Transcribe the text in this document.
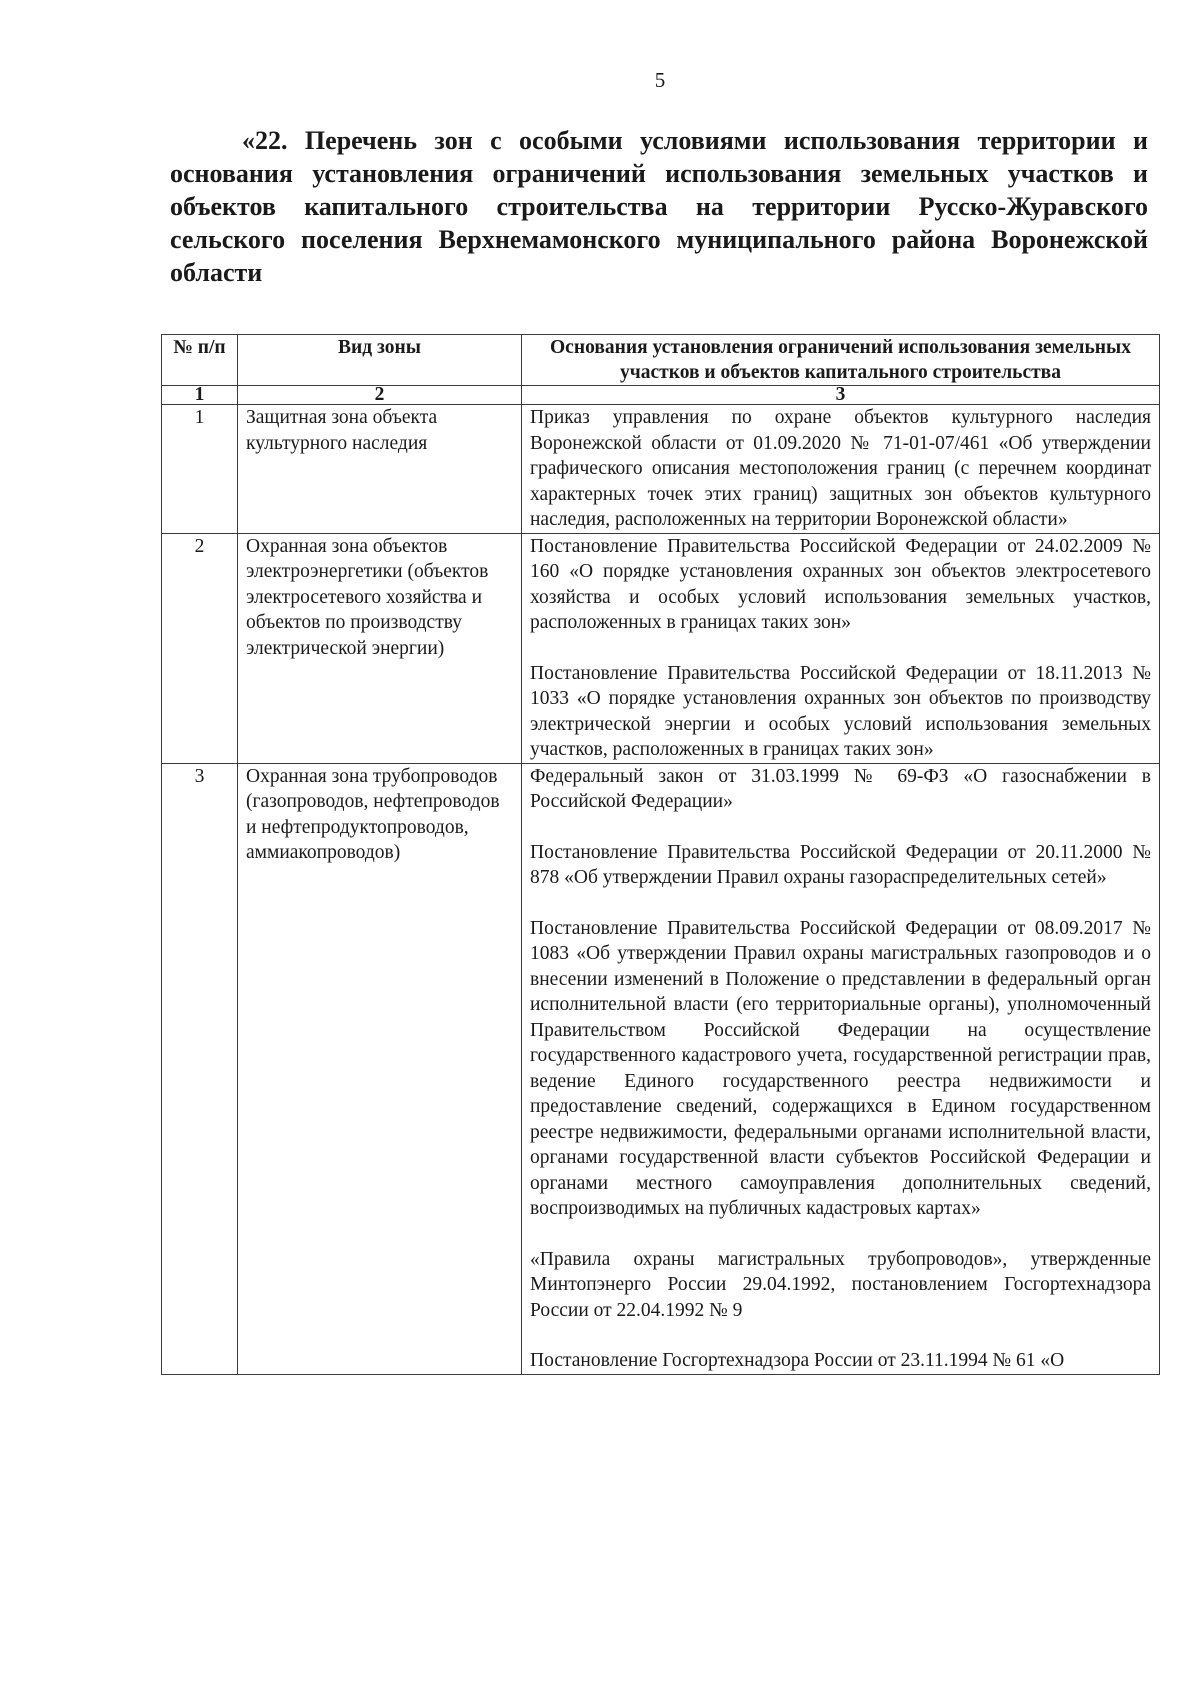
5

«22. Перечень зон с особыми условиями использования территории и основания установления ограничений использования земельных участков и объектов капитального строительства на территории Русско-Журавского сельского поселения Верхнемамонского муниципального района Воронежской области

№ п/п	Вид зоны	Основания установления ограничений использования земельных участков и объектов капитального строительства
1	2	3
1	Защитная зона объекта культурного наследия	Приказ управления по охране объектов культурного наследия Воронежской области от 01.09.2020 № 71-01-07/461 «Об утверждении графического описания местоположения границ (с перечнем координат характерных точек этих границ) защитных зон объектов культурного наследия, расположенных на территории Воронежской области»

2	Охранная зона объектов электроэнергетики (объектов электросетевого хозяйства и объектов по производству электрической энергии)	Постановление Правительства Российской Федерации от 24.02.2009 № 160 «О порядке установления охранных зон объектов электросетевого хозяйства и особых условий использования земельных участков, расположенных в границах таких зон»

Постановление Правительства Российской Федерации от 18.11.2013 № 1033 «О порядке установления охранных зон объектов по производству электрической энергии и особых условий использования земельных участков, расположенных в границах таких зон»

3	Охранная зона трубопроводов (газопроводов, нефтепроводов и нефтепродуктопроводов, аммиакопроводов)	Федеральный закон от 31.03.1999 № 69-ФЗ «О газоснабжении в Российской Федерации»

Постановление Правительства Российской Федерации от 20.11.2000 № 878 «Об утверждении Правил охраны газораспределительных сетей»

Постановление Правительства Российской Федерации от 08.09.2017 № 1083 «Об утверждении Правил охраны магистральных газопроводов и о внесении изменений в Положение о представлении в федеральный орган исполнительной власти (его территориальные органы), уполномоченный Правительством Российской Федерации на осуществление государственного кадастрового учета, государственной регистрации прав, ведение Единого государственного реестра недвижимости и предоставление сведений, содержащихся в Едином государственном реестре недвижимости, федеральными органами исполнительной власти, органами государственной власти субъектов Российской Федерации и органами местного самоуправления дополнительных сведений, воспроизводимых на публичных кадастровых картах»

«Правила охраны магистральных трубопроводов», утвержденные Минтопэнерго России 29.04.1992, постановлением Госгортехнадзора России от 22.04.1992 № 9

Постановление Госгортехнадзора России от 23.11.1994 № 61 «О
